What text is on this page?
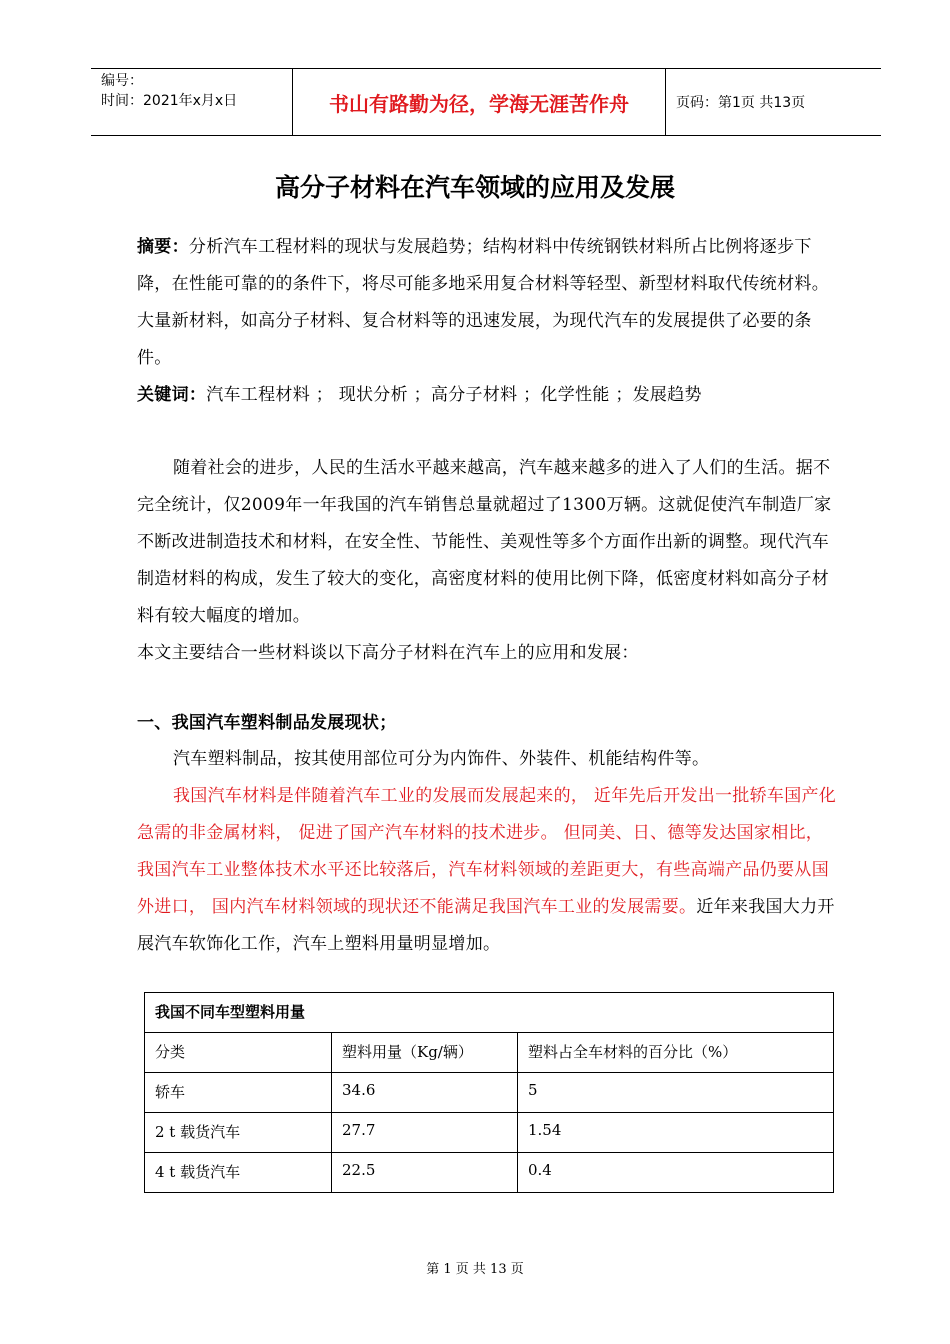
编号：
时间：2021年x月x日	书山有路勤为径，学海无涯苦作舟	页码：第1页 共13页
高分子材料在汽车领域的应用及发展
摘要：分析汽车工程材料的现状与发展趋势；结构材料中传统钢铁材料所占比例将逐步下降，在性能可靠的的条件下，将尽可能多地采用复合材料等轻型、新型材料取代传统材料。大量新材料，如高分子材料、复合材料等的迅速发展，为现代汽车的发展提供了必要的条件。
关键词：汽车工程材料 ； 现状分析 ；高分子材料 ；化学性能 ；发展趋势
随着社会的进步，人民的生活水平越来越高，汽车越来越多的进入了人们的生活。据不完全统计，仅2009年一年我国的汽车销售总量就超过了1300万辆。这就促使汽车制造厂家不断改进制造技术和材料，在安全性、节能性、美观性等多个方面作出新的调整。现代汽车制造材料的构成，发生了较大的变化，高密度材料的使用比例下降，低密度材料如高分子材料有较大幅度的增加。
本文主要结合一些材料谈以下高分子材料在汽车上的应用和发展：
一、我国汽车塑料制品发展现状；
汽车塑料制品，按其使用部位可分为内饰件、外装件、机能结构件等。
我国汽车材料是伴随着汽车工业的发展而发展起来的， 近年先后开发出一批轿车国产化急需的非金属材料， 促进了国产汽车材料的技术进步。 但同美、日、德等发达国家相比，我国汽车工业整体技术水平还比较落后，汽车材料领域的差距更大，有些高端产品仍要从国外进口， 国内汽车材料领域的现状还不能满足我国汽车工业的发展需要。近年来我国大力开展汽车软饰化工作，汽车上塑料用量明显增加。
我国不同车型塑料用量		
分类	塑料用量（Kg/辆）	塑料占全车材料的百分比（%）
轿车	34.6	5
2 t 载货汽车	27.7	1.54
4 t 载货汽车	22.5	0.4
第 1 页 共 13 页
